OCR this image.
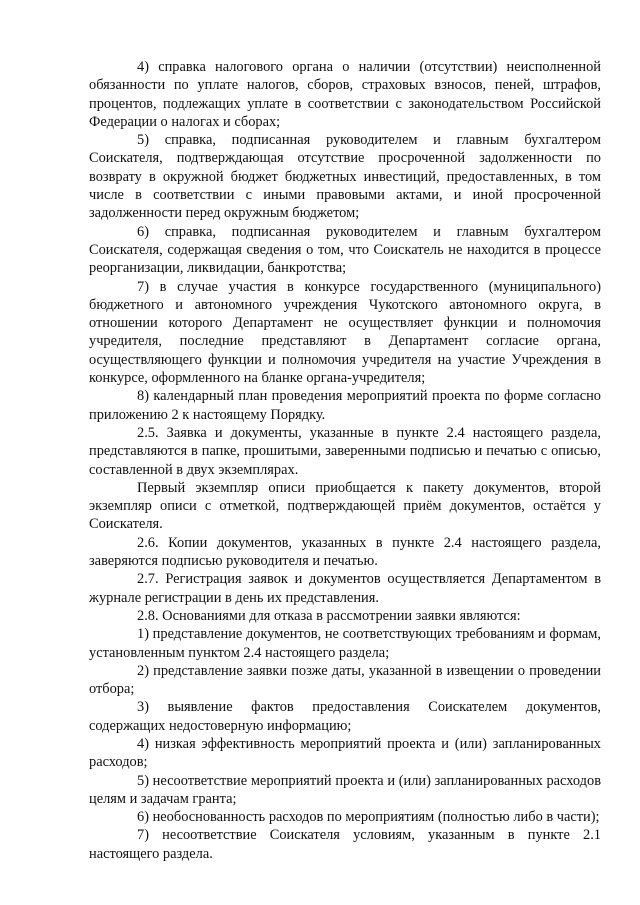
4) справка налогового органа о наличии (отсутствии) неисполненной обязанности по уплате налогов, сборов, страховых взносов, пеней, штрафов, процентов, подлежащих уплате в соответствии с законодательством Российской Федерации о налогах и сборах;

5) справка, подписанная руководителем и главным бухгалтером Соискателя, подтверждающая отсутствие просроченной задолженности по возврату в окружной бюджет бюджетных инвестиций, предоставленных, в том числе в соответствии с иными правовыми актами, и иной просроченной задолженности перед окружным бюджетом;

6) справка, подписанная руководителем и главным бухгалтером Соискателя, содержащая сведения о том, что Соискатель не находится в процессе реорганизации, ликвидации, банкротства;

7) в случае участия в конкурсе государственного (муниципального) бюджетного и автономного учреждения Чукотского автономного округа, в отношении которого Департамент не осуществляет функции и полномочия учредителя, последние представляют в Департамент согласие органа, осуществляющего функции и полномочия учредителя на участие Учреждения в конкурсе, оформленного на бланке органа-учредителя;

8) календарный план проведения мероприятий проекта по форме согласно приложению 2 к настоящему Порядку.

2.5. Заявка и документы, указанные в пункте 2.4 настоящего раздела, представляются в папке, прошитыми, заверенными подписью и печатью с описью, составленной в двух экземплярах.

Первый экземпляр описи приобщается к пакету документов, второй экземпляр описи с отметкой, подтверждающей приём документов, остаётся у Соискателя.

2.6. Копии документов, указанных в пункте 2.4 настоящего раздела, заверяются подписью руководителя и печатью.

2.7. Регистрация заявок и документов осуществляется Департаментом в журнале регистрации в день их представления.

2.8. Основаниями для отказа в рассмотрении заявки являются:

1) представление документов, не соответствующих требованиям и формам, установленным пунктом 2.4 настоящего раздела;

2) представление заявки позже даты, указанной в извещении о проведении отбора;

3) выявление фактов предоставления Соискателем документов, содержащих недостоверную информацию;

4) низкая эффективность мероприятий проекта и (или) запланированных расходов;

5) несоответствие мероприятий проекта и (или) запланированных расходов целям и задачам гранта;

6) необоснованность расходов по мероприятиям (полностью либо в части);

7) несоответствие Соискателя условиям, указанным в пункте 2.1 настоящего раздела.
